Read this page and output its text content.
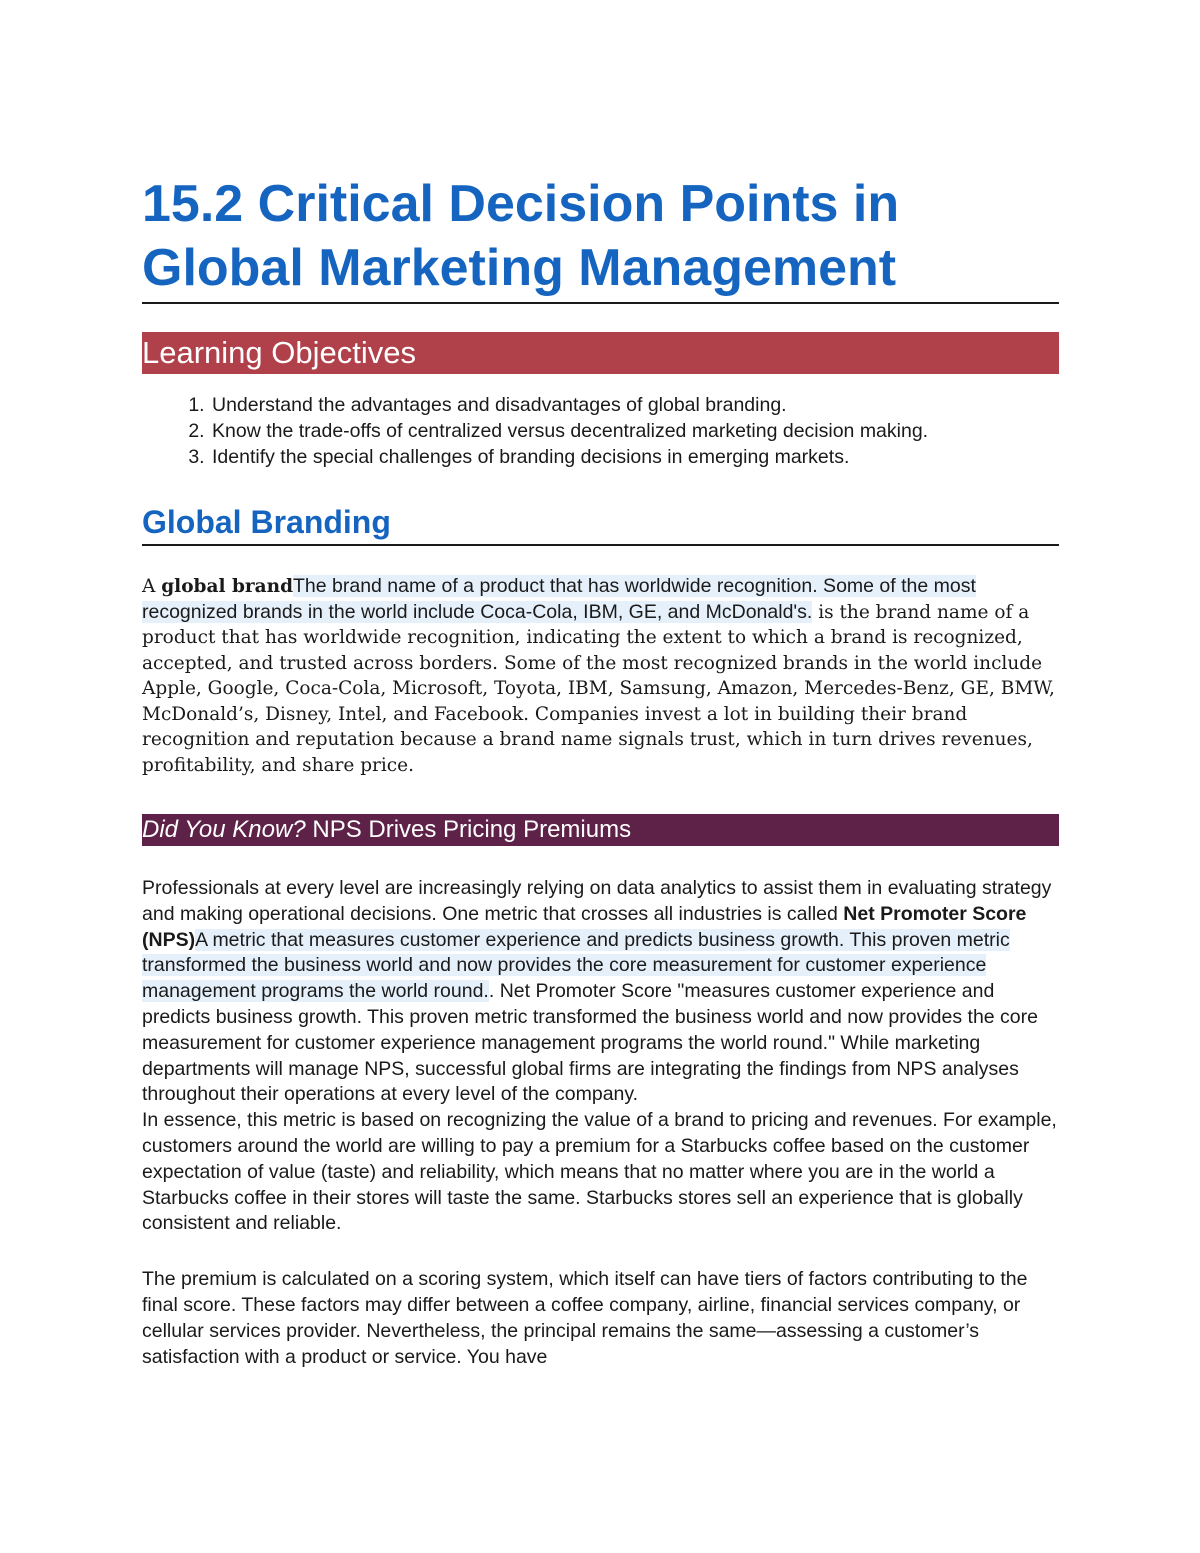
15.2 Critical Decision Points in Global Marketing Management
Learning Objectives
1. Understand the advantages and disadvantages of global branding.
2. Know the trade-offs of centralized versus decentralized marketing decision making.
3. Identify the special challenges of branding decisions in emerging markets.
Global Branding

A global brandThe brand name of a product that has worldwide recognition. Some of the most recognized brands in the world include Coca-Cola, IBM, GE, and McDonald's. is the brand name of a product that has worldwide recognition, indicating the extent to which a brand is recognized, accepted, and trusted across borders. Some of the most recognized brands in the world include Apple, Google, Coca-Cola, Microsoft, Toyota, IBM, Samsung, Amazon, Mercedes-Benz, GE, BMW, McDonald’s, Disney, Intel, and Facebook. Companies invest a lot in building their brand recognition and reputation because a brand name signals trust, which in turn drives revenues, profitability, and share price.

Did You Know? NPS Drives Pricing Premiums

Professionals at every level are increasingly relying on data analytics to assist them in evaluating strategy and making operational decisions. One metric that crosses all industries is called Net Promoter Score (NPS)A metric that measures customer experience and predicts business growth. This proven metric transformed the business world and now provides the core measurement for customer experience management programs the world round.. Net Promoter Score "measures customer experience and predicts business growth. This proven metric transformed the business world and now provides the core measurement for customer experience management programs the world round." While marketing departments will manage NPS, successful global firms are integrating the findings from NPS analyses throughout their operations at every level of the company.

In essence, this metric is based on recognizing the value of a brand to pricing and revenues. For example, customers around the world are willing to pay a premium for a Starbucks coffee based on the customer expectation of value (taste) and reliability, which means that no matter where you are in the world a Starbucks coffee in their stores will taste the same. Starbucks stores sell an experience that is globally consistent and reliable.

The premium is calculated on a scoring system, which itself can have tiers of factors contributing to the final score. These factors may differ between a coffee company, airline, financial services company, or cellular services provider. Nevertheless, the principal remains the same—assessing a customer’s satisfaction with a product or service. You have
